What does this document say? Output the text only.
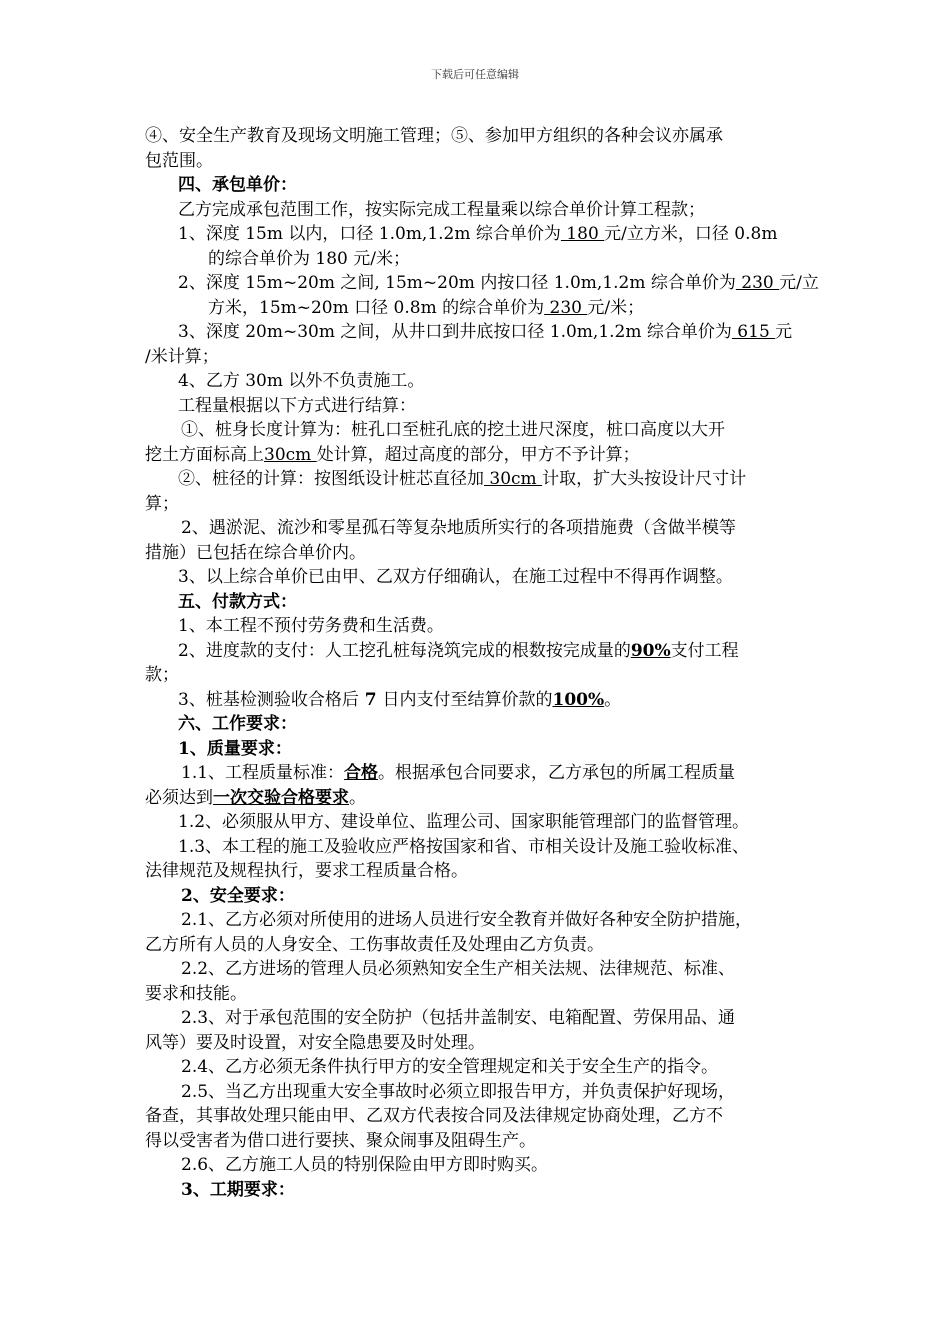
下载后可任意编辑
④、安全生产教育及现场文明施工管理；⑤、参加甲方组织的各种会议亦属承
包范围。
四、承包单价：
乙方完成承包范围工作，按实际完成工程量乘以综合单价计算工程款；
1、深度 15m 以内，口径 1.0m,1.2m 综合单价为 180 元/立方米，口径 0.8m
的综合单价为 180 元/米；
2、深度 15m~20m 之间, 15m~20m 内按口径 1.0m,1.2m 综合单价为 230 元/立
方米，15m~20m 口径 0.8m 的综合单价为 230 元/米；
3、深度 20m~30m 之间，从井口到井底按口径 1.0m,1.2m 综合单价为 615 元
/米计算；
4、乙方 30m 以外不负责施工。
工程量根据以下方式进行结算：
①、桩身长度计算为：桩孔口至桩孔底的挖土进尺深度，桩口高度以大开
挖土方面标高上30cm 处计算，超过高度的部分，甲方不予计算；
②、桩径的计算：按图纸设计桩芯直径加 30cm 计取，扩大头按设计尺寸计
算；
2、遇淤泥、流沙和零星孤石等复杂地质所实行的各项措施费（含做半模等
措施）已包括在综合单价内。
3、以上综合单价已由甲、乙双方仔细确认，在施工过程中不得再作调整。
五、付款方式：
1、本工程不预付劳务费和生活费。
2、进度款的支付：人工挖孔桩每浇筑完成的根数按完成量的90%支付工程
款；
3、桩基检测验收合格后 7 日内支付至结算价款的100%。
六、工作要求：
1、质量要求：
1.1、工程质量标准：合格。根据承包合同要求，乙方承包的所属工程质量
必须达到一次交验合格要求。
1.2、必须服从甲方、建设单位、监理公司、国家职能管理部门的监督管理。
1.3、本工程的施工及验收应严格按国家和省、市相关设计及施工验收标准、
法律规范及规程执行，要求工程质量合格。
2、安全要求：
2.1、乙方必须对所使用的进场人员进行安全教育并做好各种安全防护措施，
乙方所有人员的人身安全、工伤事故责任及处理由乙方负责。
2.2、乙方进场的管理人员必须熟知安全生产相关法规、法律规范、标准、
要求和技能。
2.3、对于承包范围的安全防护（包括井盖制安、电箱配置、劳保用品、通
风等）要及时设置，对安全隐患要及时处理。
2.4、乙方必须无条件执行甲方的安全管理规定和关于安全生产的指令。
2.5、当乙方出现重大安全事故时必须立即报告甲方，并负责保护好现场，
备查，其事故处理只能由甲、乙双方代表按合同及法律规定协商处理，乙方不
得以受害者为借口进行要挟、聚众闹事及阻碍生产。
2.6、乙方施工人员的特别保险由甲方即时购买。
3、工期要求：
